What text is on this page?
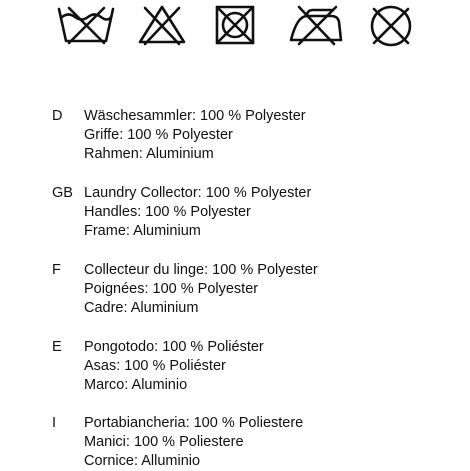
D Wäschesammler: 100 % Polyester
Griffe: 100 % Polyester
Rahmen: Aluminium
GB Laundry Collector: 100 % Polyester
Handles: 100 % Polyester
Frame: Aluminium
F Collecteur du linge: 100 % Polyester
Poignées: 100 % Polyester
Cadre: Aluminium
E Pongotodo: 100 % Poliéster
Asas: 100 % Poliéster
Marco: Aluminio
I Portabiancheria: 100 % Poliestere
Manici: 100 % Poliestere
Cornice: Alluminio
